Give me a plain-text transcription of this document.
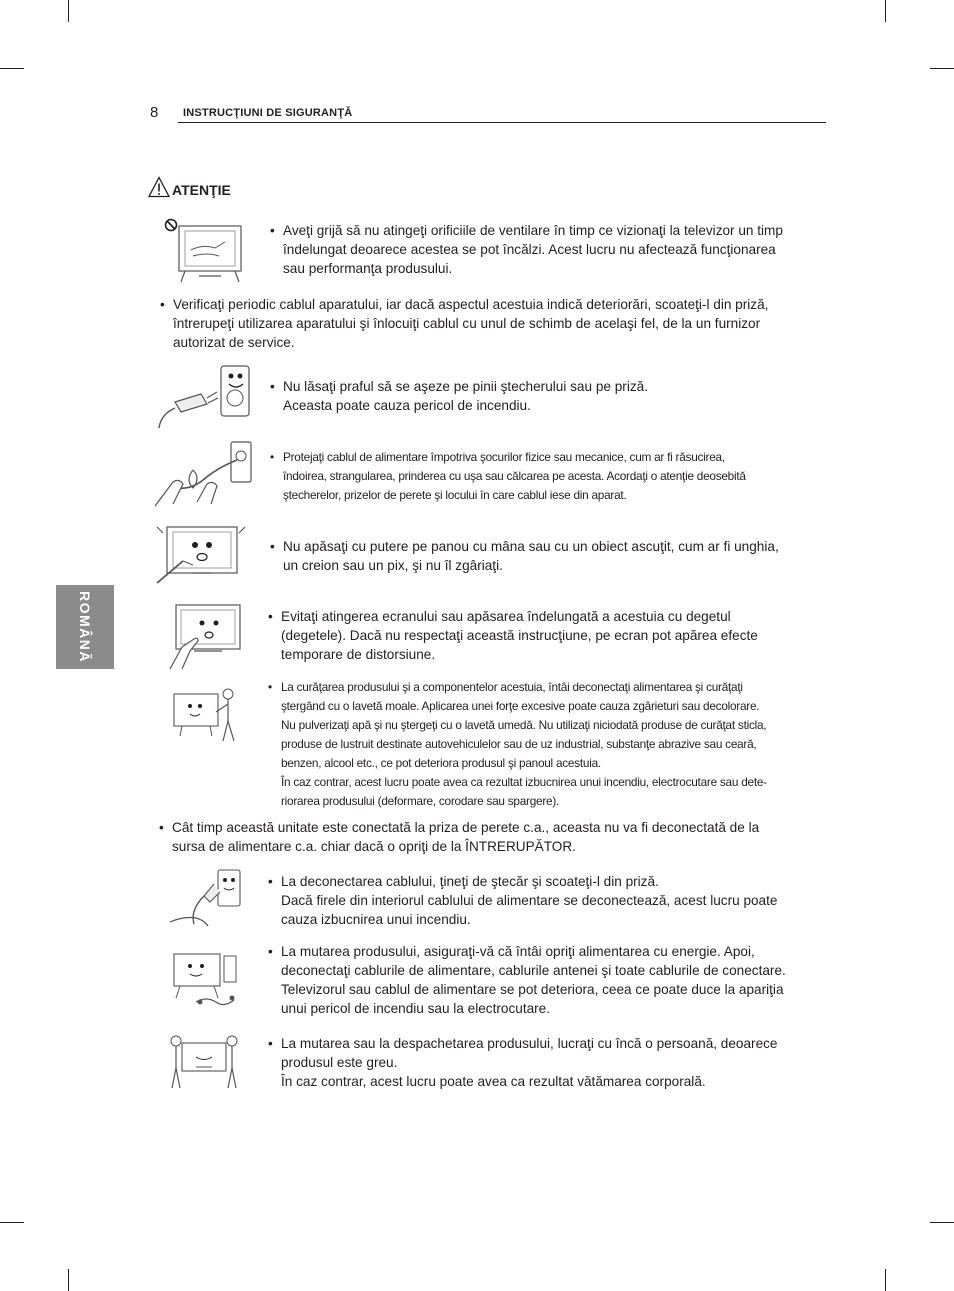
8 INSTRUCŢIUNI DE SIGURANŢĂ
ROMÂNĂ
ATENŢIE
• Aveţi grijă să nu atingeţi orificiile de ventilare în timp ce vizionaţi la televizor un timp
îndelungat deoarece acestea se pot încălzi. Acest lucru nu afectează funcţionarea
sau performanţa produsului.
• Verificaţi periodic cablul aparatului, iar dacă aspectul acestuia indică deteriorări, scoateţi-l din priză,
întrerupeţi utilizarea aparatului şi înlocuiţi cablul cu unul de schimb de acelaşi fel, de la un furnizor
autorizat de service.
• Nu lăsaţi praful să se aşeze pe pinii ştecherului sau pe priză.
Aceasta poate cauza pericol de incendiu.
• Protejaţi cablul de alimentare împotriva şocurilor fizice sau mecanice, cum ar fi răsucirea,
îndoirea, strangularea, prinderea cu uşa sau călcarea pe acesta. Acordaţi o atenţie deosebită
ştecherelor, prizelor de perete şi locului în care cablul iese din aparat.
• Nu apăsaţi cu putere pe panou cu mâna sau cu un obiect ascuţit, cum ar fi unghia,
un creion sau un pix, şi nu îl zgâriaţi.
• Evitaţi atingerea ecranului sau apăsarea îndelungată a acestuia cu degetul
(degetele). Dacă nu respectaţi această instrucţiune, pe ecran pot apărea efecte
temporare de distorsiune.
• La curăţarea produsului şi a componentelor acestuia, întâi deconectaţi alimentarea şi curăţaţi
ştergând cu o lavetă moale. Aplicarea unei forţe excesive poate cauza zgârieturi sau decolorare.
Nu pulverizaţi apă şi nu ştergeţi cu o lavetă umedă. Nu utilizaţi niciodată produse de curăţat sticla,
produse de lustruit destinate autovehiculelor sau de uz industrial, substanţe abrazive sau ceară,
benzen, alcool etc., ce pot deteriora produsul şi panoul acestuia.
În caz contrar, acest lucru poate avea ca rezultat izbucnirea unui incendiu, electrocutare sau dete-
riorarea produsului (deformare, corodare sau spargere).
• Cât timp această unitate este conectată la priza de perete c.a., aceasta nu va fi deconectată de la
sursa de alimentare c.a. chiar dacă o opriţi de la ÎNTRERUPĂTOR.
• La deconectarea cablului, ţineţi de ştecăr şi scoateţi-l din priză.
Dacă firele din interiorul cablului de alimentare se deconectează, acest lucru poate
cauza izbucnirea unui incendiu.
• La mutarea produsului, asiguraţi-vă că întâi opriţi alimentarea cu energie. Apoi,
deconectaţi cablurile de alimentare, cablurile antenei şi toate cablurile de conectare.
Televizorul sau cablul de alimentare se pot deteriora, ceea ce poate duce la apariţia
unui pericol de incendiu sau la electrocutare.
• La mutarea sau la despachetarea produsului, lucraţi cu încă o persoană, deoarece
produsul este greu.
În caz contrar, acest lucru poate avea ca rezultat vătămarea corporală.
